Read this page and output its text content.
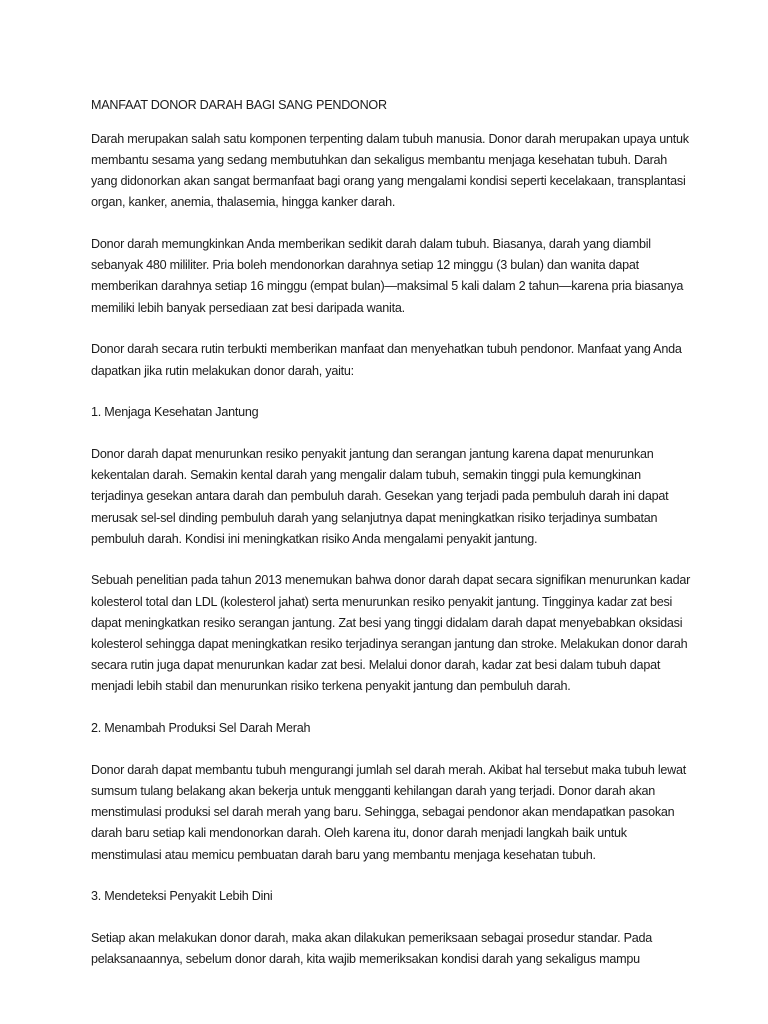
MANFAAT DONOR DARAH BAGI SANG PENDONOR

Darah merupakan salah satu komponen terpenting dalam tubuh manusia. Donor darah merupakan upaya untuk membantu sesama yang sedang membutuhkan dan sekaligus membantu menjaga kesehatan tubuh. Darah yang didonorkan akan sangat bermanfaat bagi orang yang mengalami kondisi seperti kecelakaan, transplantasi organ, kanker, anemia, thalasemia, hingga kanker darah.

Donor darah memungkinkan Anda memberikan sedikit darah dalam tubuh. Biasanya, darah yang diambil sebanyak 480 mililiter. Pria boleh mendonorkan darahnya setiap 12 minggu (3 bulan) dan wanita dapat memberikan darahnya setiap 16 minggu (empat bulan)—maksimal 5 kali dalam 2 tahun—karena pria biasanya memiliki lebih banyak persediaan zat besi daripada wanita.

Donor darah secara rutin terbukti memberikan manfaat dan menyehatkan tubuh pendonor. Manfaat yang Anda dapatkan jika rutin melakukan donor darah, yaitu:

1. Menjaga Kesehatan Jantung

Donor darah dapat menurunkan resiko penyakit jantung dan serangan jantung karena dapat menurunkan kekentalan darah. Semakin kental darah yang mengalir dalam tubuh, semakin tinggi pula kemungkinan terjadinya gesekan antara darah dan pembuluh darah. Gesekan yang terjadi pada pembuluh darah ini dapat merusak sel-sel dinding pembuluh darah yang selanjutnya dapat meningkatkan risiko terjadinya sumbatan pembuluh darah. Kondisi ini meningkatkan risiko Anda mengalami penyakit jantung.

Sebuah penelitian pada tahun 2013 menemukan bahwa donor darah dapat secara signifikan menurunkan kadar kolesterol total dan LDL (kolesterol jahat) serta menurunkan resiko penyakit jantung. Tingginya kadar zat besi dapat meningkatkan resiko serangan jantung. Zat besi yang tinggi didalam darah dapat menyebabkan oksidasi kolesterol sehingga dapat meningkatkan resiko terjadinya serangan jantung dan stroke. Melakukan donor darah secara rutin juga dapat menurunkan kadar zat besi. Melalui donor darah, kadar zat besi dalam tubuh dapat menjadi lebih stabil dan menurunkan risiko terkena penyakit jantung dan pembuluh darah.

2. Menambah Produksi Sel Darah Merah

Donor darah dapat membantu tubuh mengurangi jumlah sel darah merah. Akibat hal tersebut maka tubuh lewat sumsum tulang belakang akan bekerja untuk mengganti kehilangan darah yang terjadi. Donor darah akan menstimulasi produksi sel darah merah yang baru. Sehingga, sebagai pendonor akan mendapatkan pasokan darah baru setiap kali mendonorkan darah. Oleh karena itu, donor darah menjadi langkah baik untuk menstimulasi atau memicu pembuatan darah baru yang membantu menjaga kesehatan tubuh.

3. Mendeteksi Penyakit Lebih Dini

Setiap akan melakukan donor darah, maka akan dilakukan pemeriksaan sebagai prosedur standar. Pada pelaksanaannya, sebelum donor darah, kita wajib memeriksakan kondisi darah yang sekaligus mampu
